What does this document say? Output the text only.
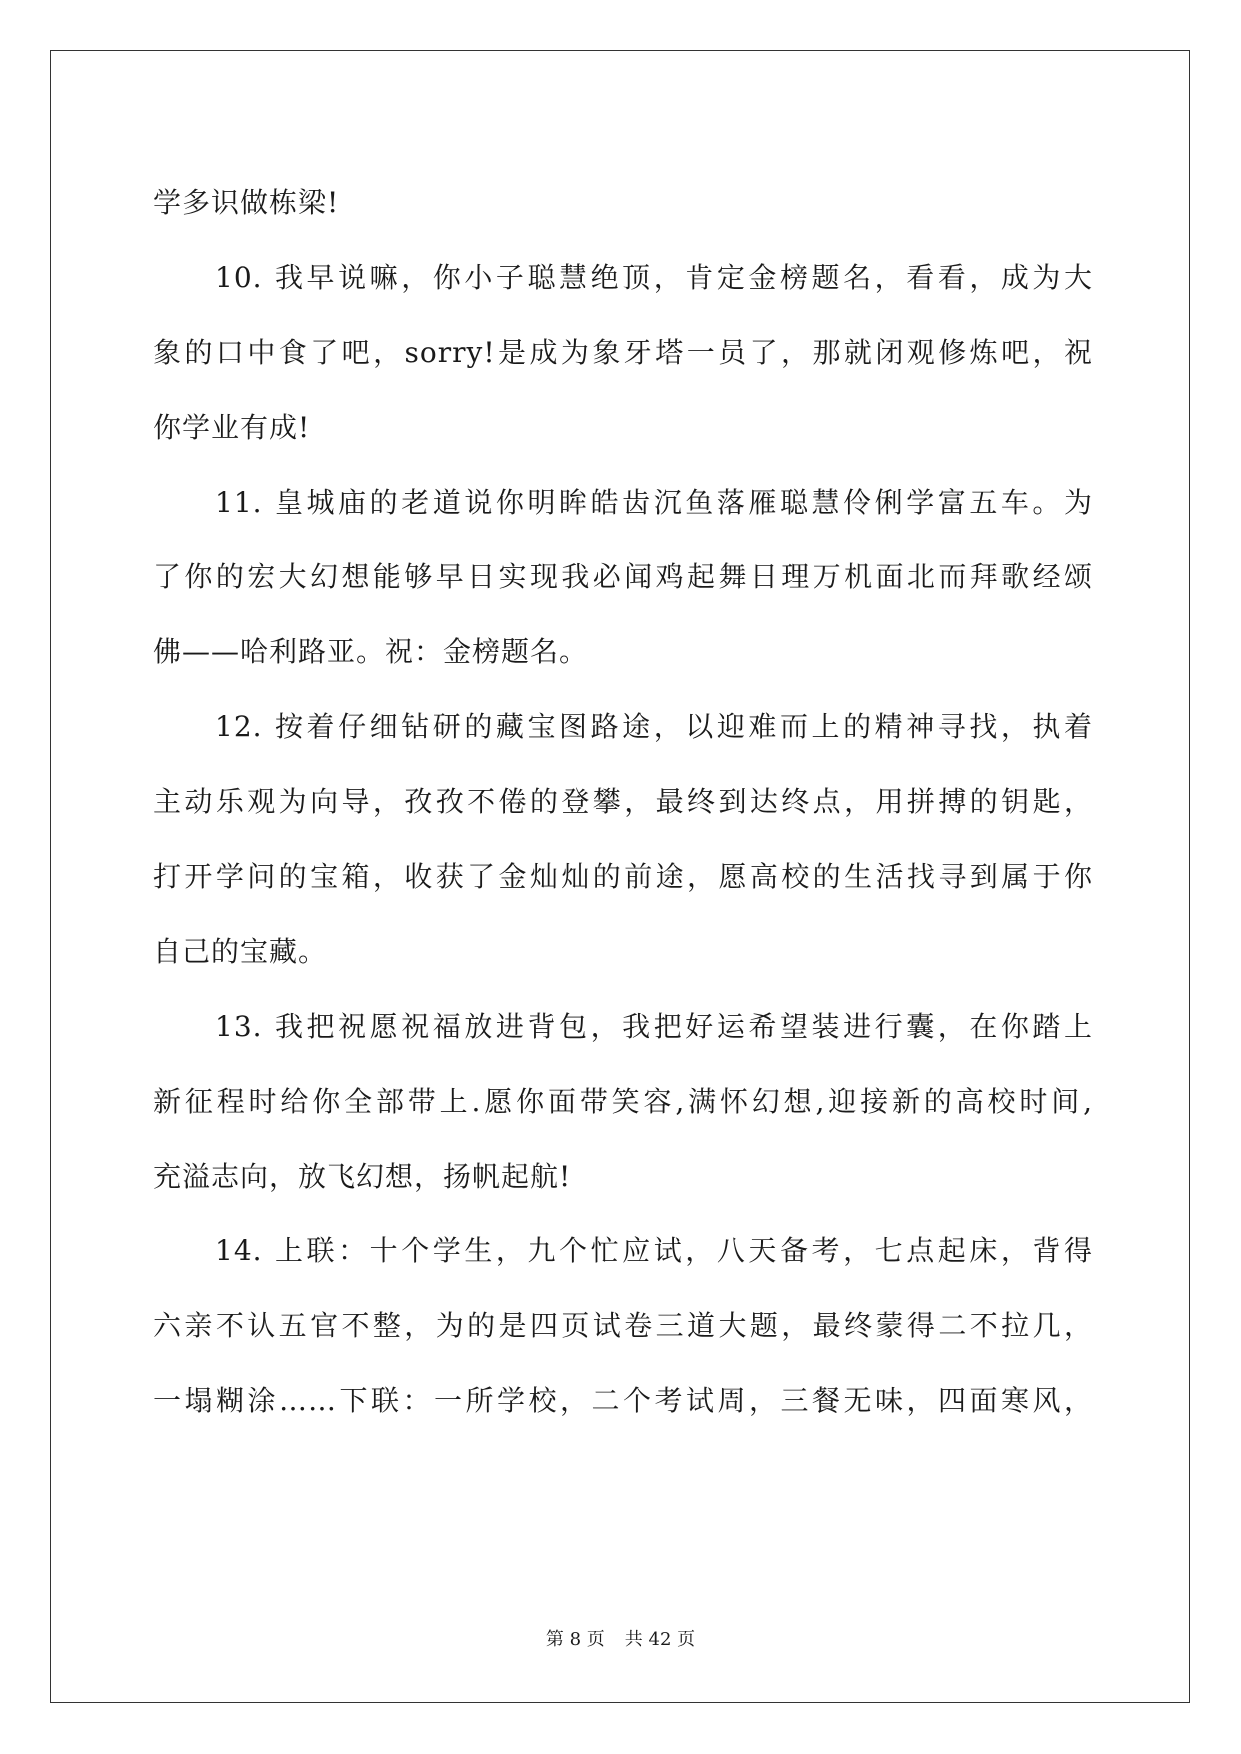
学多识做栋梁!
10. 我早说嘛，你小子聪慧绝顶，肯定金榜题名，看看，成为大
象的口中食了吧，sorry!是成为象牙塔一员了，那就闭观修炼吧，祝
你学业有成!
11. 皇城庙的老道说你明眸皓齿沉鱼落雁聪慧伶俐学富五车。为
了你的宏大幻想能够早日实现我必闻鸡起舞日理万机面北而拜歌经颂
佛——哈利路亚。祝：金榜题名。
12. 按着仔细钻研的藏宝图路途，以迎难而上的精神寻找，执着
主动乐观为向导，孜孜不倦的登攀，最终到达终点，用拼搏的钥匙，
打开学问的宝箱，收获了金灿灿的前途，愿高校的生活找寻到属于你
自己的宝藏。
13. 我把祝愿祝福放进背包，我把好运希望装进行囊，在你踏上
新征程时给你全部带上.愿你面带笑容,满怀幻想,迎接新的高校时间,
充溢志向，放飞幻想，扬帆起航!
14. 上联：十个学生，九个忙应试，八天备考，七点起床，背得
六亲不认五官不整，为的是四页试卷三道大题，最终蒙得二不拉几，
一塌糊涂……下联：一所学校，二个考试周，三餐无味，四面寒风，
第 8 页 共 42 页
